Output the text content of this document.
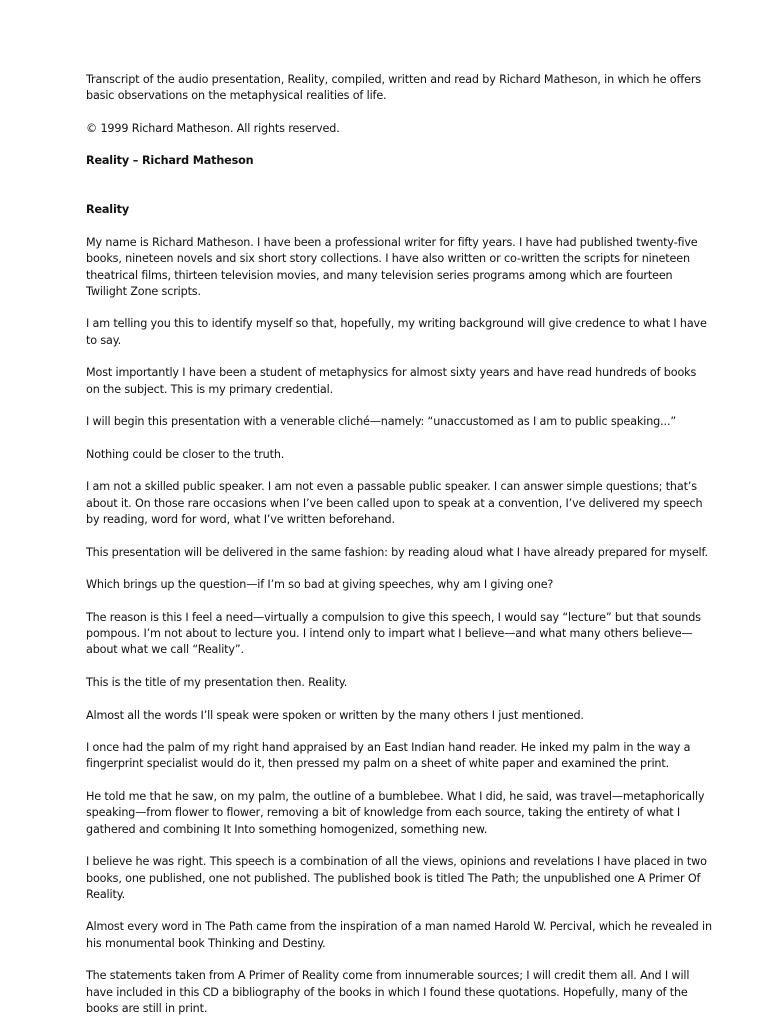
Transcript of the audio presentation, Reality, compiled, written and read by Richard Matheson, in which he offers basic observations on the metaphysical realities of life.

© 1999 Richard Matheson. All rights reserved.

Reality – Richard Matheson

Reality

My name is Richard Matheson. I have been a professional writer for fifty years. I have had published twenty-five books, nineteen novels and six short story collections. I have also written or co-written the scripts for nineteen theatrical films, thirteen television movies, and many television series programs among which are fourteen Twilight Zone scripts.

I am telling you this to identify myself so that, hopefully, my writing background will give credence to what I have to say.

Most importantly I have been a student of metaphysics for almost sixty years and have read hundreds of books on the subject. This is my primary credential.

I will begin this presentation with a venerable cliché—namely: “unaccustomed as I am to public speaking...”

Nothing could be closer to the truth.

I am not a skilled public speaker. I am not even a passable public speaker. I can answer simple questions; that’s about it. On those rare occasions when I’ve been called upon to speak at a convention, I’ve delivered my speech by reading, word for word, what I’ve written beforehand.

This presentation will be delivered in the same fashion: by reading aloud what I have already prepared for myself.

Which brings up the question—if I’m so bad at giving speeches, why am I giving one?

The reason is this I feel a need—virtually a compulsion to give this speech, I would say “lecture” but that sounds pompous. I’m not about to lecture you. I intend only to impart what I believe—and what many others believe—about what we call “Reality”.

This is the title of my presentation then. Reality.

Almost all the words I’ll speak were spoken or written by the many others I just mentioned.

I once had the palm of my right hand appraised by an East Indian hand reader. He inked my palm in the way a fingerprint specialist would do it, then pressed my palm on a sheet of white paper and examined the print.

He told me that he saw, on my palm, the outline of a bumblebee. What I did, he said, was travel—metaphorically speaking—from flower to flower, removing a bit of knowledge from each source, taking the entirety of what I gathered and combining It Into something homogenized, something new.

I believe he was right. This speech is a combination of all the views, opinions and revelations I have placed in two books, one published, one not published. The published book is titled The Path; the unpublished one A Primer Of Reality.

Almost every word in The Path came from the inspiration of a man named Harold W. Percival, which he revealed in his monumental book Thinking and Destiny.

The statements taken from A Primer of Reality come from innumerable sources; I will credit them all. And I will have included in this CD a bibliography of the books in which I found these quotations. Hopefully, many of the books are still in print.
